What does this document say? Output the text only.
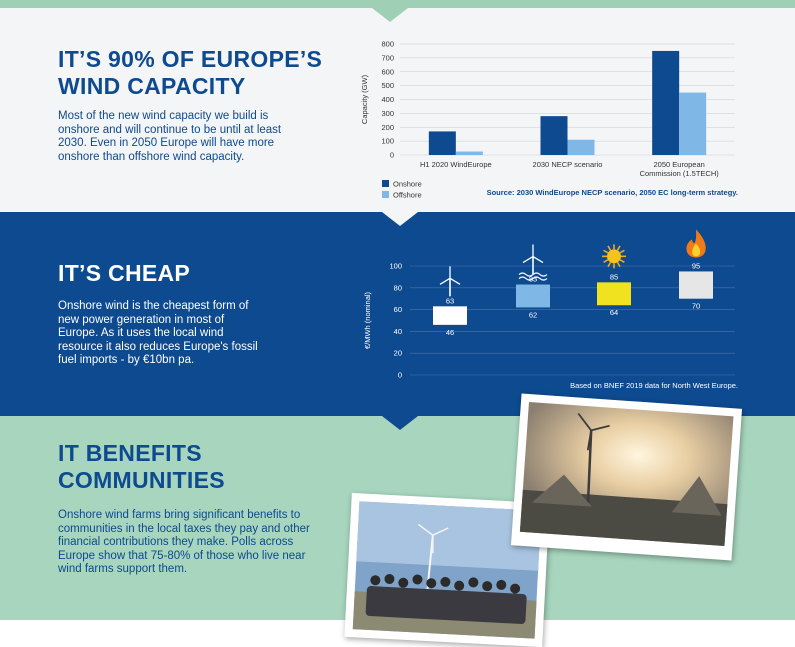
IT’S 90% OF EUROPE’S WIND CAPACITY

Most of the new wind capacity we build is onshore and will continue to be until at least 2030. Even in 2050 Europe will have more onshore than offshore wind capacity.	0
100
200
300
400
500
600
700
800
Capacity (GW)
H1 2020 WindEurope	2030 NECP scenario	2050 European
Commission (1.5TECH)
Onshore
Offshore	Source: 2030 WindEurope NECP scenario, 2050 EC long-term strategy.
IT’S CHEAP

Onshore wind is the cheapest form of new power generation in most of Europe. As it uses the local wind resource it also reduces Europe's fossil fuel imports - by €10bn pa.

0
20
40
60
80
100
€/MWh (nominal)	63
46
83
62
85
64
95
70
Based on BNEF 2019 data for North West Europe.
IT BENEFITS COMMUNITIES

Onshore wind farms bring significant benefits to communities in the local taxes they pay and other financial contributions they make. Polls across Europe show that 75-80% of those who live near wind farms support them.
